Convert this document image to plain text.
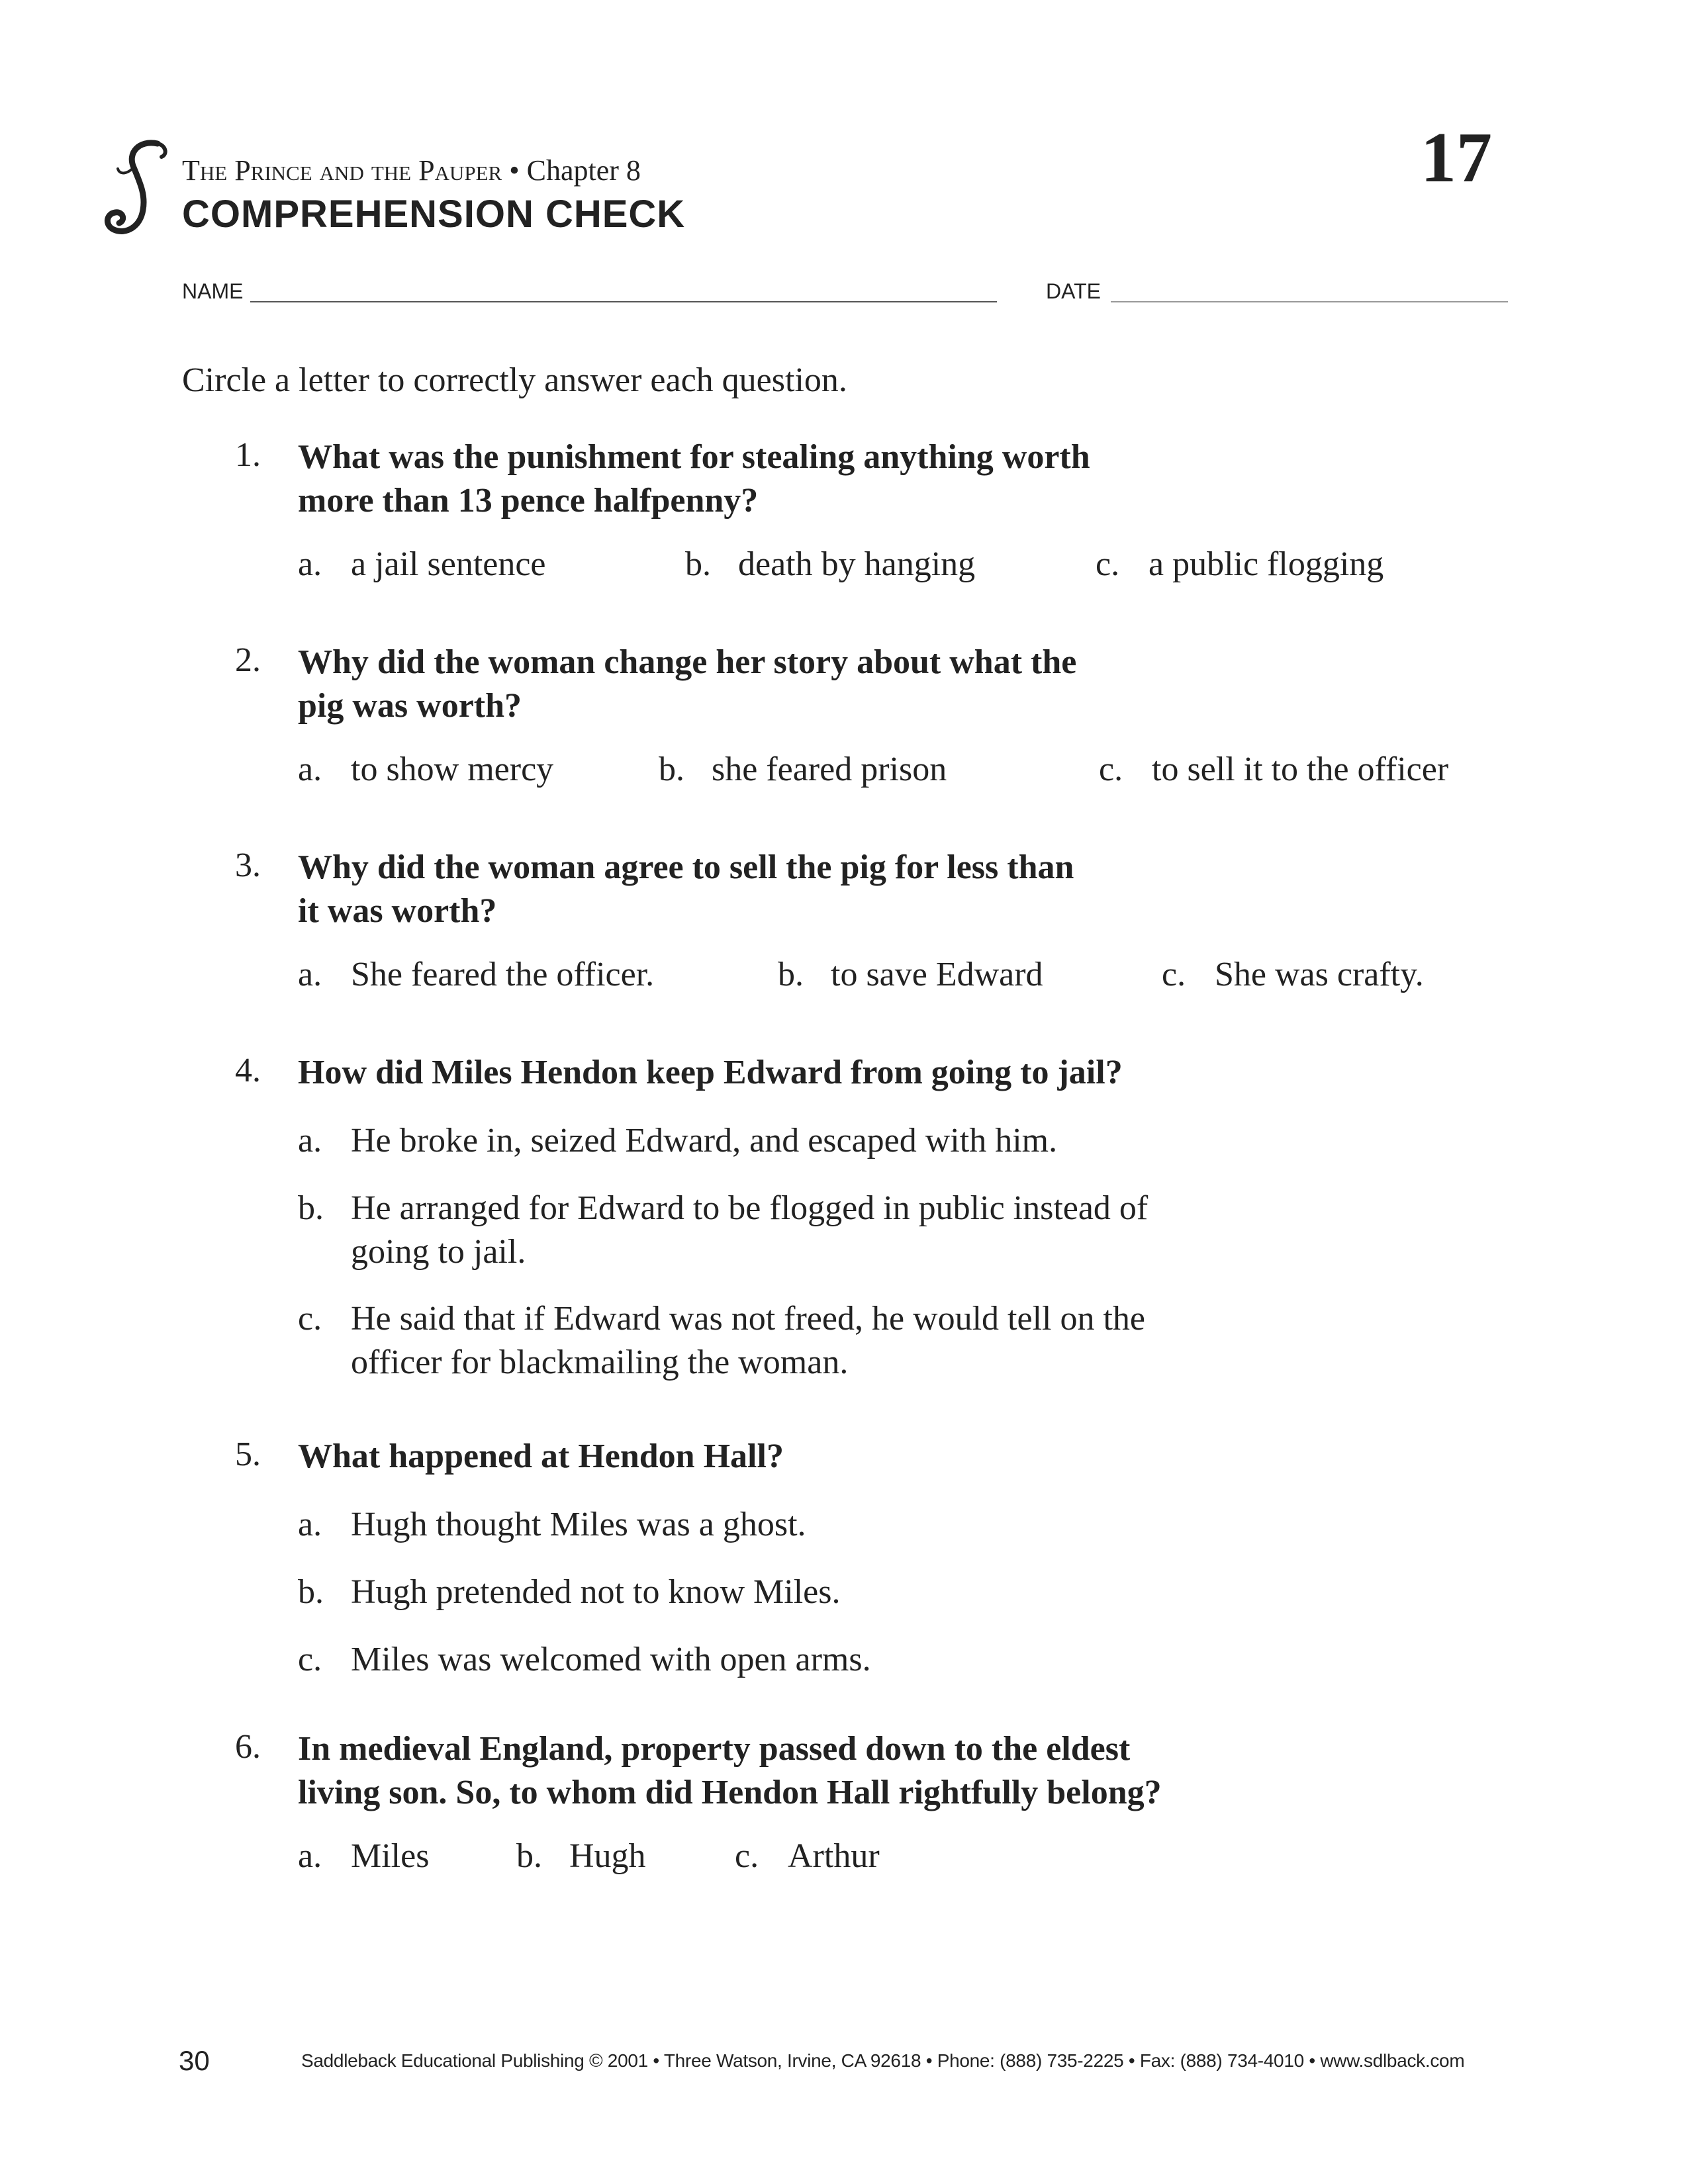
The Prince and the Pauper • Chapter 8
COMPREHENSION CHECK
17
NAME	DATE
Circle a letter to correctly answer each question.
1. What was the punishment for stealing anything worth
more than 13 pence halfpenny?
a. a jail sentence	b. death by hanging	c. a public flogging
2. Why did the woman change her story about what the
pig was worth?
a. to show mercy	b. she feared prison	c. to sell it to the officer
3. Why did the woman agree to sell the pig for less than
it was worth?
a. She feared the officer.	b. to save Edward	c. She was crafty.
4. How did Miles Hendon keep Edward from going to jail?
a. He broke in, seized Edward, and escaped with him.
b. He arranged for Edward to be flogged in public instead of
going to jail.
c. He said that if Edward was not freed, he would tell on the
officer for blackmailing the woman.
5. What happened at Hendon Hall?
a. Hugh thought Miles was a ghost.
b. Hugh pretended not to know Miles.
c. Miles was welcomed with open arms.
6. In medieval England, property passed down to the eldest
living son. So, to whom did Hendon Hall rightfully belong?
a. Miles	b. Hugh	c. Arthur
30	Saddleback Educational Publishing © 2001 • Three Watson, Irvine, CA 92618 • Phone: (888) 735-2225 • Fax: (888) 734-4010 • www.sdlback.com
